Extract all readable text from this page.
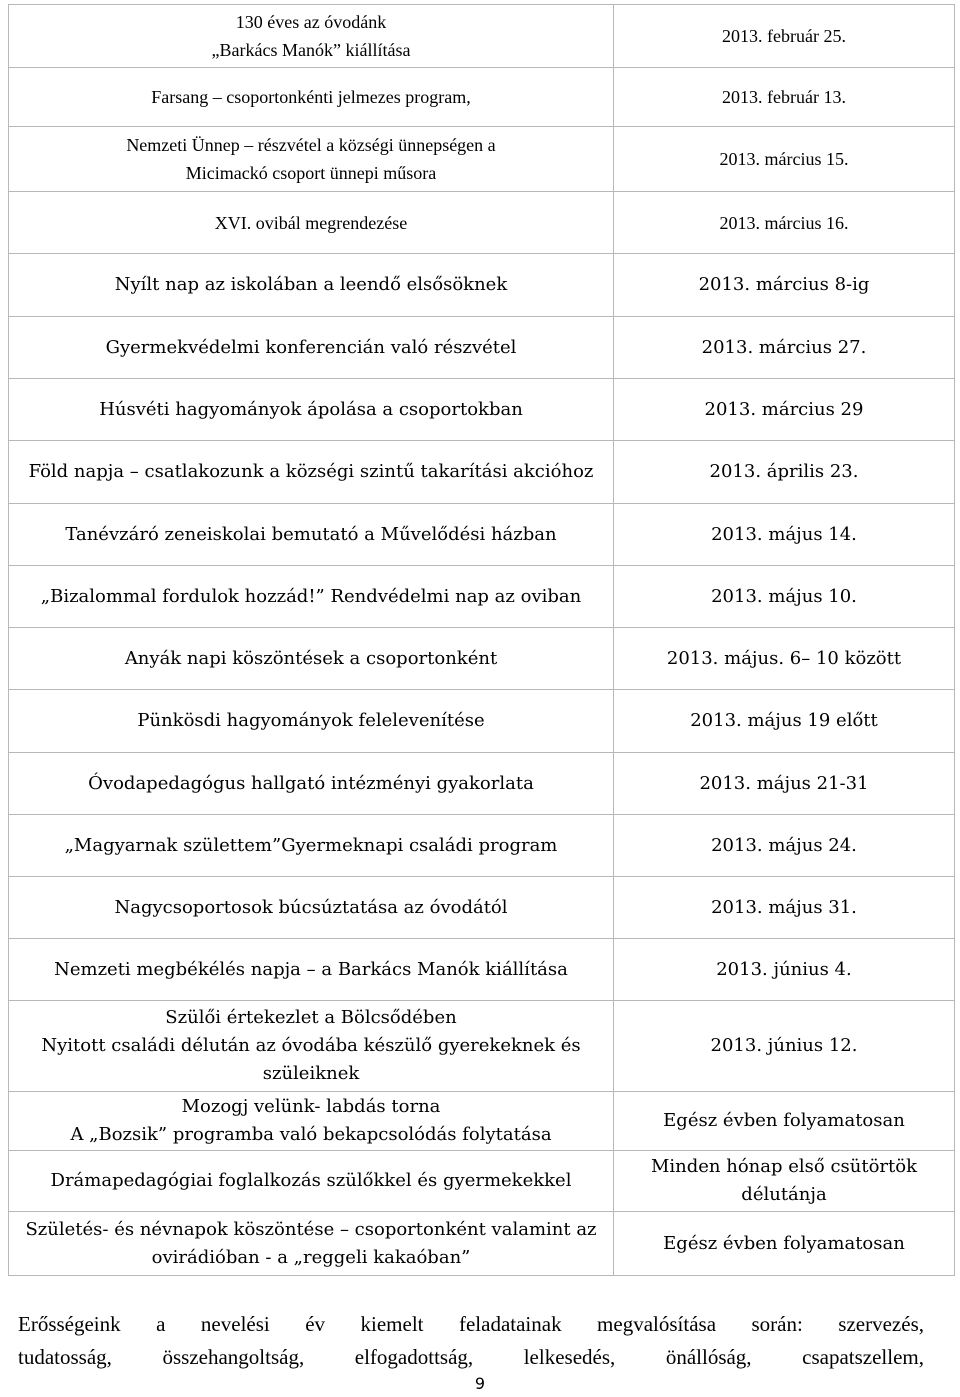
130 éves az óvodánk
„Barkács Manók” kiállítása	2013. február 25.

Farsang – csoportonkénti jelmezes program,	2013. február 13.

Nemzeti Ünnep – részvétel a községi ünnepségen a
Micimackó csoport ünnepi műsora	2013. március 15.

XVI. ovibál megrendezése	2013. március 16.

Nyílt nap az iskolában a leendő elsősöknek	2013. március 8-ig

Gyermekvédelmi konferencián való részvétel	2013. március 27.

Húsvéti hagyományok ápolása a csoportokban	2013. március 29

Föld napja – csatlakozunk a községi szintű takarítási akcióhoz	2013. április 23.

Tanévzáró zeneiskolai bemutató a Művelődési házban	2013. május 14.

„Bizalommal fordulok hozzád!” Rendvédelmi nap az oviban	2013. május 10.

Anyák napi köszöntések a csoportonként	2013. május. 6– 10 között

Pünkösdi hagyományok felelevenítése	2013. május 19 előtt

Óvodapedagógus hallgató intézményi gyakorlata	2013. május 21-31

„Magyarnak születtem”Gyermeknapi családi program	2013. május 24.

Nagycsoportosok búcsúztatása az óvodától	2013. május 31.

Nemzeti megbékélés napja – a Barkács Manók kiállítása	2013. június 4.

Szülői értekezlet a Bölcsődében
Nyitott családi délután az óvodába készülő gyerekeknek és
szüleiknek	2013. június 12.

Mozogj velünk- labdás torna
A „Bozsik” programba való bekapcsolódás folytatása	Egész évben folyamatosan

Drámapedagógiai foglalkozás szülőkkel és gyermekekkel	Minden hónap első csütörtök
délutánja

Születés- és névnapok köszöntése – csoportonként valamint az
ovirádióban - a „reggeli kakaóban”	Egész évben folyamatosan
Erősségeink a nevelési év kiemelt feladatainak megvalósítása során: szervezés,
tudatosság, összehangoltság, elfogadottság, lelkesedés, önállóság, csapatszellem,
9
